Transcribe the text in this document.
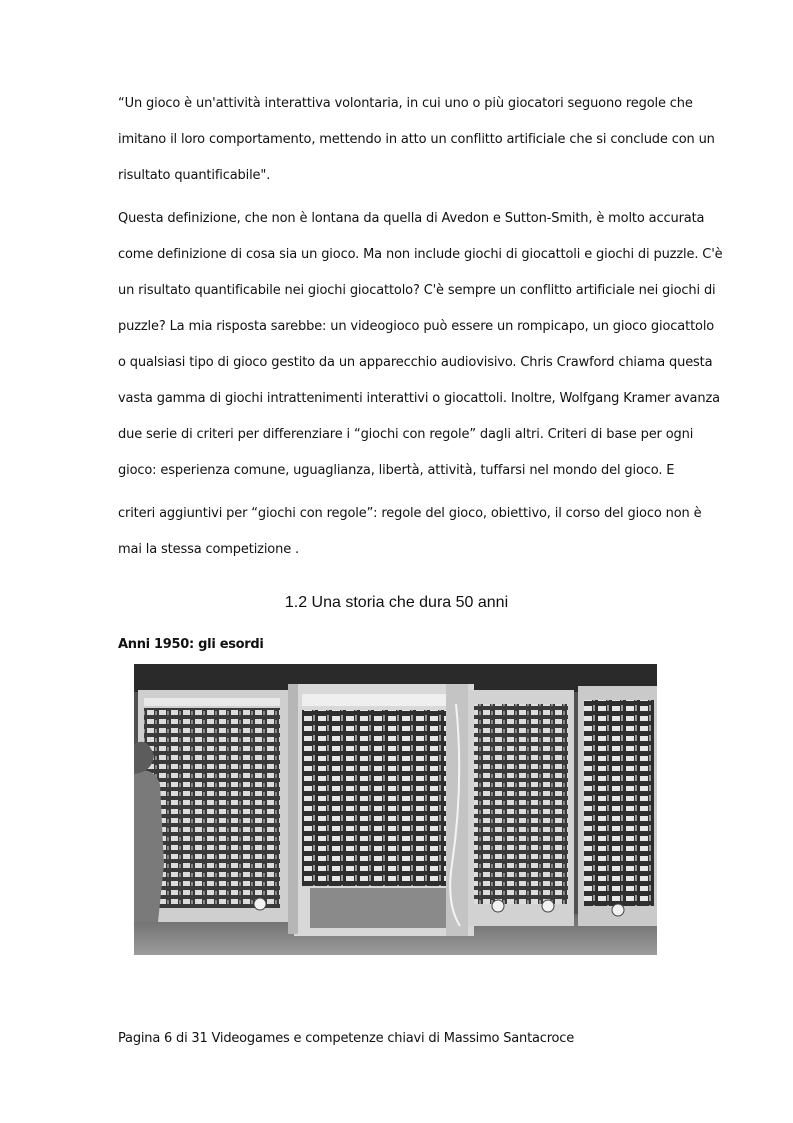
“Un gioco è un'attività interattiva volontaria, in cui uno o più giocatori seguono regole che
imitano il loro comportamento, mettendo in atto un conflitto artificiale che si conclude con un
risultato quantificabile".
Questa definizione, che non è lontana da quella di Avedon e Sutton-Smith, è molto accurata
come definizione di cosa sia un gioco. Ma non include giochi di giocattoli e giochi di puzzle. C'è
un risultato quantificabile nei giochi giocattolo? C'è sempre un conflitto artificiale nei giochi di
puzzle? La mia risposta sarebbe: un videogioco può essere un rompicapo, un gioco giocattolo
o qualsiasi tipo di gioco gestito da un apparecchio audiovisivo. Chris Crawford chiama questa
vasta gamma di giochi intrattenimenti interattivi o giocattoli. Inoltre, Wolfgang Kramer avanza
due serie di criteri per differenziare i “giochi con regole” dagli altri. Criteri di base per ogni
gioco: esperienza comune, uguaglianza, libertà, attività, tuffarsi nel mondo del gioco. E
criteri aggiuntivi per “giochi con regole”: regole del gioco, obiettivo, il corso del gioco non è
mai la stessa competizione .
1.2 Una storia che dura 50 anni
Anni 1950: gli esordi
Pagina 6 di 31 Videogames e competenze chiavi di Massimo Santacroce
